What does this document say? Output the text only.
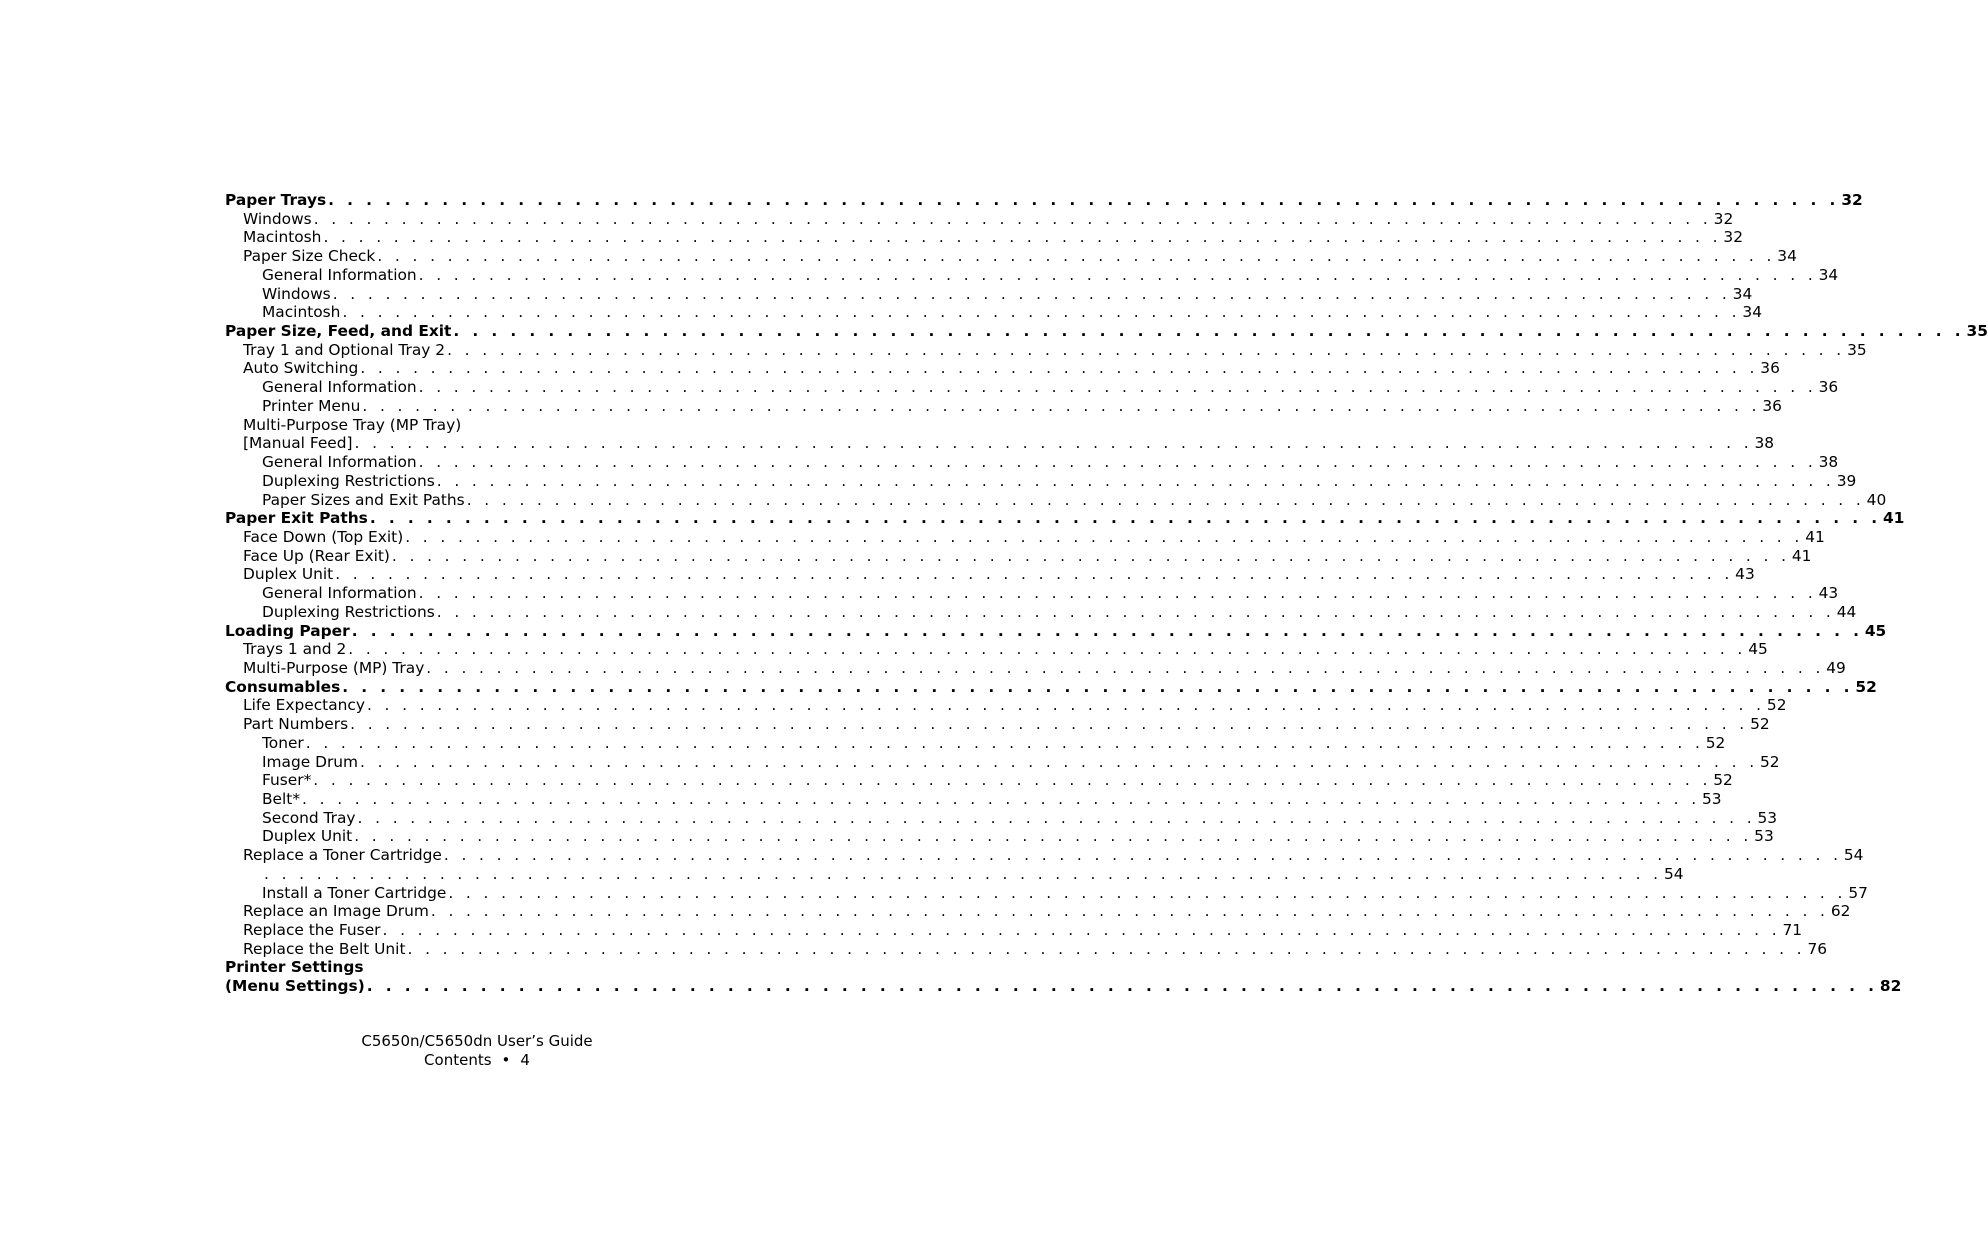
Paper Trays . . . . . . . . . . . . . . . . . . . . . . . . . . . . . . . . . . . . . . . . . . . . . . . . . . . . . . . . . . . . . . . . . . . . . . . . . . . . . . . . 32
Windows . . . . . . . . . . . . . . . . . . . . . . . . . . . . . . . . . . . . . . . . . . . . . . . . . . . . . . . . . . . . . . . . . . . . . . . . . . . . . . . . 32
Macintosh . . . . . . . . . . . . . . . . . . . . . . . . . . . . . . . . . . . . . . . . . . . . . . . . . . . . . . . . . . . . . . . . . . . . . . . . . . . . . . . . 32
Paper Size Check . . . . . . . . . . . . . . . . . . . . . . . . . . . . . . . . . . . . . . . . . . . . . . . . . . . . . . . . . . . . . . . . . . . . . . . . . . . . . . . . 34
General Information . . . . . . . . . . . . . . . . . . . . . . . . . . . . . . . . . . . . . . . . . . . . . . . . . . . . . . . . . . . . . . . . . . . . . . . . . . . . . . . . 34
Windows . . . . . . . . . . . . . . . . . . . . . . . . . . . . . . . . . . . . . . . . . . . . . . . . . . . . . . . . . . . . . . . . . . . . . . . . . . . . . . . . 34
Macintosh . . . . . . . . . . . . . . . . . . . . . . . . . . . . . . . . . . . . . . . . . . . . . . . . . . . . . . . . . . . . . . . . . . . . . . . . . . . . . . . . 34
Paper Size, Feed, and Exit . . . . . . . . . . . . . . . . . . . . . . . . . . . . . . . . . . . . . . . . . . . . . . . . . . . . . . . . . . . . . . . . . . . . . . . . . . . . . . . . 35
Tray 1 and Optional Tray 2 . . . . . . . . . . . . . . . . . . . . . . . . . . . . . . . . . . . . . . . . . . . . . . . . . . . . . . . . . . . . . . . . . . . . . . . . . . . . . . . . 35
Auto Switching . . . . . . . . . . . . . . . . . . . . . . . . . . . . . . . . . . . . . . . . . . . . . . . . . . . . . . . . . . . . . . . . . . . . . . . . . . . . . . . . 36
General Information . . . . . . . . . . . . . . . . . . . . . . . . . . . . . . . . . . . . . . . . . . . . . . . . . . . . . . . . . . . . . . . . . . . . . . . . . . . . . . . . 36
Printer Menu . . . . . . . . . . . . . . . . . . . . . . . . . . . . . . . . . . . . . . . . . . . . . . . . . . . . . . . . . . . . . . . . . . . . . . . . . . . . . . . . 36
Multi-Purpose Tray (MP Tray)
[Manual Feed] . . . . . . . . . . . . . . . . . . . . . . . . . . . . . . . . . . . . . . . . . . . . . . . . . . . . . . . . . . . . . . . . . . . . . . . . . . . . . . . . 38
General Information . . . . . . . . . . . . . . . . . . . . . . . . . . . . . . . . . . . . . . . . . . . . . . . . . . . . . . . . . . . . . . . . . . . . . . . . . . . . . . . . 38
Duplexing Restrictions . . . . . . . . . . . . . . . . . . . . . . . . . . . . . . . . . . . . . . . . . . . . . . . . . . . . . . . . . . . . . . . . . . . . . . . . . . . . . . . . 39
Paper Sizes and Exit Paths . . . . . . . . . . . . . . . . . . . . . . . . . . . . . . . . . . . . . . . . . . . . . . . . . . . . . . . . . . . . . . . . . . . . . . . . . . . . . . . . 40
Paper Exit Paths . . . . . . . . . . . . . . . . . . . . . . . . . . . . . . . . . . . . . . . . . . . . . . . . . . . . . . . . . . . . . . . . . . . . . . . . . . . . . . . . 41
Face Down (Top Exit) . . . . . . . . . . . . . . . . . . . . . . . . . . . . . . . . . . . . . . . . . . . . . . . . . . . . . . . . . . . . . . . . . . . . . . . . . . . . . . . . 41
Face Up (Rear Exit) . . . . . . . . . . . . . . . . . . . . . . . . . . . . . . . . . . . . . . . . . . . . . . . . . . . . . . . . . . . . . . . . . . . . . . . . . . . . . . . . 41
Duplex Unit . . . . . . . . . . . . . . . . . . . . . . . . . . . . . . . . . . . . . . . . . . . . . . . . . . . . . . . . . . . . . . . . . . . . . . . . . . . . . . . . 43
General Information . . . . . . . . . . . . . . . . . . . . . . . . . . . . . . . . . . . . . . . . . . . . . . . . . . . . . . . . . . . . . . . . . . . . . . . . . . . . . . . . 43
Duplexing Restrictions . . . . . . . . . . . . . . . . . . . . . . . . . . . . . . . . . . . . . . . . . . . . . . . . . . . . . . . . . . . . . . . . . . . . . . . . . . . . . . . . 44
Loading Paper . . . . . . . . . . . . . . . . . . . . . . . . . . . . . . . . . . . . . . . . . . . . . . . . . . . . . . . . . . . . . . . . . . . . . . . . . . . . . . . . 45
Trays 1 and 2 . . . . . . . . . . . . . . . . . . . . . . . . . . . . . . . . . . . . . . . . . . . . . . . . . . . . . . . . . . . . . . . . . . . . . . . . . . . . . . . . 45
Multi-Purpose (MP) Tray . . . . . . . . . . . . . . . . . . . . . . . . . . . . . . . . . . . . . . . . . . . . . . . . . . . . . . . . . . . . . . . . . . . . . . . . . . . . . . . . 49
Consumables . . . . . . . . . . . . . . . . . . . . . . . . . . . . . . . . . . . . . . . . . . . . . . . . . . . . . . . . . . . . . . . . . . . . . . . . . . . . . . . . 52
Life Expectancy . . . . . . . . . . . . . . . . . . . . . . . . . . . . . . . . . . . . . . . . . . . . . . . . . . . . . . . . . . . . . . . . . . . . . . . . . . . . . . . . 52
Part Numbers . . . . . . . . . . . . . . . . . . . . . . . . . . . . . . . . . . . . . . . . . . . . . . . . . . . . . . . . . . . . . . . . . . . . . . . . . . . . . . . . 52
Toner . . . . . . . . . . . . . . . . . . . . . . . . . . . . . . . . . . . . . . . . . . . . . . . . . . . . . . . . . . . . . . . . . . . . . . . . . . . . . . . . 52
Image Drum . . . . . . . . . . . . . . . . . . . . . . . . . . . . . . . . . . . . . . . . . . . . . . . . . . . . . . . . . . . . . . . . . . . . . . . . . . . . . . . . 52
Fuser* . . . . . . . . . . . . . . . . . . . . . . . . . . . . . . . . . . . . . . . . . . . . . . . . . . . . . . . . . . . . . . . . . . . . . . . . . . . . . . . . 52
Belt* . . . . . . . . . . . . . . . . . . . . . . . . . . . . . . . . . . . . . . . . . . . . . . . . . . . . . . . . . . . . . . . . . . . . . . . . . . . . . . . . 53
Second Tray . . . . . . . . . . . . . . . . . . . . . . . . . . . . . . . . . . . . . . . . . . . . . . . . . . . . . . . . . . . . . . . . . . . . . . . . . . . . . . . . 53
Duplex Unit . . . . . . . . . . . . . . . . . . . . . . . . . . . . . . . . . . . . . . . . . . . . . . . . . . . . . . . . . . . . . . . . . . . . . . . . . . . . . . . . 53
Replace a Toner Cartridge . . . . . . . . . . . . . . . . . . . . . . . . . . . . . . . . . . . . . . . . . . . . . . . . . . . . . . . . . . . . . . . . . . . . . . . . . . . . . . . . 54
. . . . . . . . . . . . . . . . . . . . . . . . . . . . . . . . . . . . . . . . . . . . . . . . . . . . . . . . . . . . . . . . . . . . . . . . . . . . . . . . 54
Install a Toner Cartridge . . . . . . . . . . . . . . . . . . . . . . . . . . . . . . . . . . . . . . . . . . . . . . . . . . . . . . . . . . . . . . . . . . . . . . . . . . . . . . . . 57
Replace an Image Drum . . . . . . . . . . . . . . . . . . . . . . . . . . . . . . . . . . . . . . . . . . . . . . . . . . . . . . . . . . . . . . . . . . . . . . . . . . . . . . . . 62
Replace the Fuser . . . . . . . . . . . . . . . . . . . . . . . . . . . . . . . . . . . . . . . . . . . . . . . . . . . . . . . . . . . . . . . . . . . . . . . . . . . . . . . . 71
Replace the Belt Unit . . . . . . . . . . . . . . . . . . . . . . . . . . . . . . . . . . . . . . . . . . . . . . . . . . . . . . . . . . . . . . . . . . . . . . . . . . . . . . . . 76
Printer Settings
(Menu Settings) . . . . . . . . . . . . . . . . . . . . . . . . . . . . . . . . . . . . . . . . . . . . . . . . . . . . . . . . . . . . . . . . . . . . . . . . . . . . . . . . 82
C5650n/C5650dn User’s Guide
Contents • 4
